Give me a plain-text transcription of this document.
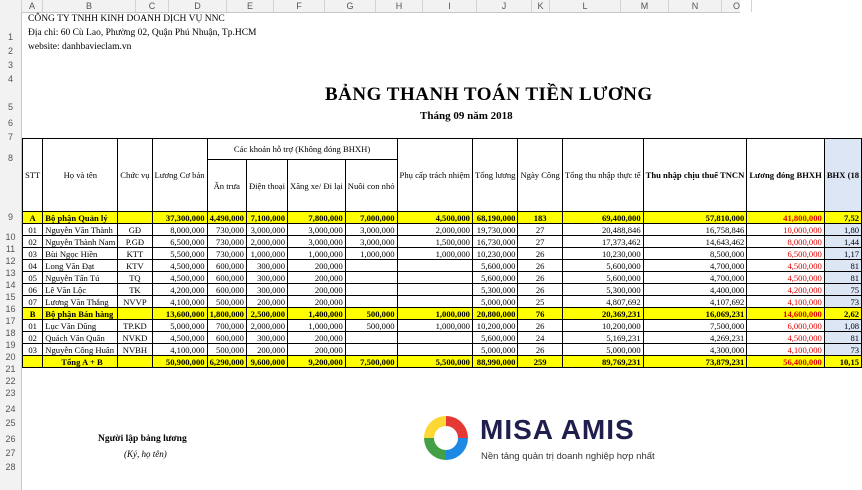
A	B	C	D	E	F	G	H	I	J	K	L	M	N	O
1
2
3
4
5
6
7
8
9
10
11
12
13
14
15
16
17
18
19
20
21
22
23
24
25
26
27
28
CÔNG TY TNHH KINH DOANH DỊCH VỤ NNC
Địa chỉ: 60 Cù Lao, Phường 02, Quận Phú Nhuận, Tp.HCM
website: danhbavieclam.vn
BẢNG THANH TOÁN TIỀN LƯƠNG
Tháng 09 năm 2018
STT	Họ và tên	Chức vụ	Lương Cơ bản	Các khoản hỗ trợ (Không đóng BHXH)				Phụ cấp trách nhiệm	Tổng lương	Ngày Công	Tổng thu nhập thực tế	Thu nhập chịu thuế TNCN	Lương đóng BHXH	BHX (18
				Ăn trưa	Điện thoại	Xăng xe/ Đi lại	Nuôi con nhỏ							

A	Bộ phận Quản lý		37,300,000	4,490,000	7,100,000	7,800,000	7,000,000	4,500,000	68,190,000	183	69,400,000	57,810,000	41,800,000	7,52
01	Nguyễn Văn Thành	GĐ	8,000,000	730,000	3,000,000	3,000,000	3,000,000	2,000,000	19,730,000	27	20,488,846	16,758,846	10,000,000	1,80
02	Nguyễn Thành Nam	P.GĐ	6,500,000	730,000	2,000,000	3,000,000	3,000,000	1,500,000	16,730,000	27	17,373,462	14,643,462	8,000,000	1,44
03	Bùi Ngọc Hiền	KTT	5,500,000	730,000	1,000,000	1,000,000	1,000,000	1,000,000	10,230,000	26	10,230,000	8,500,000	6,500,000	1,17
04	Long Văn Đạt	KTV	4,500,000	600,000	300,000	200,000			5,600,000	26	5,600,000	4,700,000	4,500,000	81
05	Nguyễn Tấn Tú	TQ	4,500,000	600,000	300,000	200,000			5,600,000	26	5,600,000	4,700,000	4,500,000	81
06	Lê Văn Lộc	TK	4,200,000	600,000	300,000	200,000			5,300,000	26	5,300,000	4,400,000	4,200,000	75
07	Lương Văn Thắng	NVVP	4,100,000	500,000	200,000	200,000			5,000,000	25	4,807,692	4,107,692	4,100,000	73
B	Bộ phận Bán hàng		13,600,000	1,800,000	2,500,000	1,400,000	500,000	1,000,000	20,800,000	76	20,369,231	16,069,231	14,600,000	2,62
01	Lục Văn Dũng	TP.KD	5,000,000	700,000	2,000,000	1,000,000	500,000	1,000,000	10,200,000	26	10,200,000	7,500,000	6,000,000	1,08
02	Quách Văn Quân	NVKD	4,500,000	600,000	300,000	200,000			5,600,000	24	5,169,231	4,269,231	4,500,000	81
03	Nguyễn Công Huân	NVBH	4,100,000	500,000	200,000	200,000			5,000,000	26	5,000,000	4,300,000	4,100,000	73
	Tổng A + B		50,900,000	6,290,000	9,600,000	9,200,000	7,500,000	5,500,000	88,990,000	259	89,769,231	73,879,231	56,400,000	10,15
Người lập bảng lương
(Ký, họ tên)
MISA AMIS
Nền tảng quản trị doanh nghiệp hợp nhất
